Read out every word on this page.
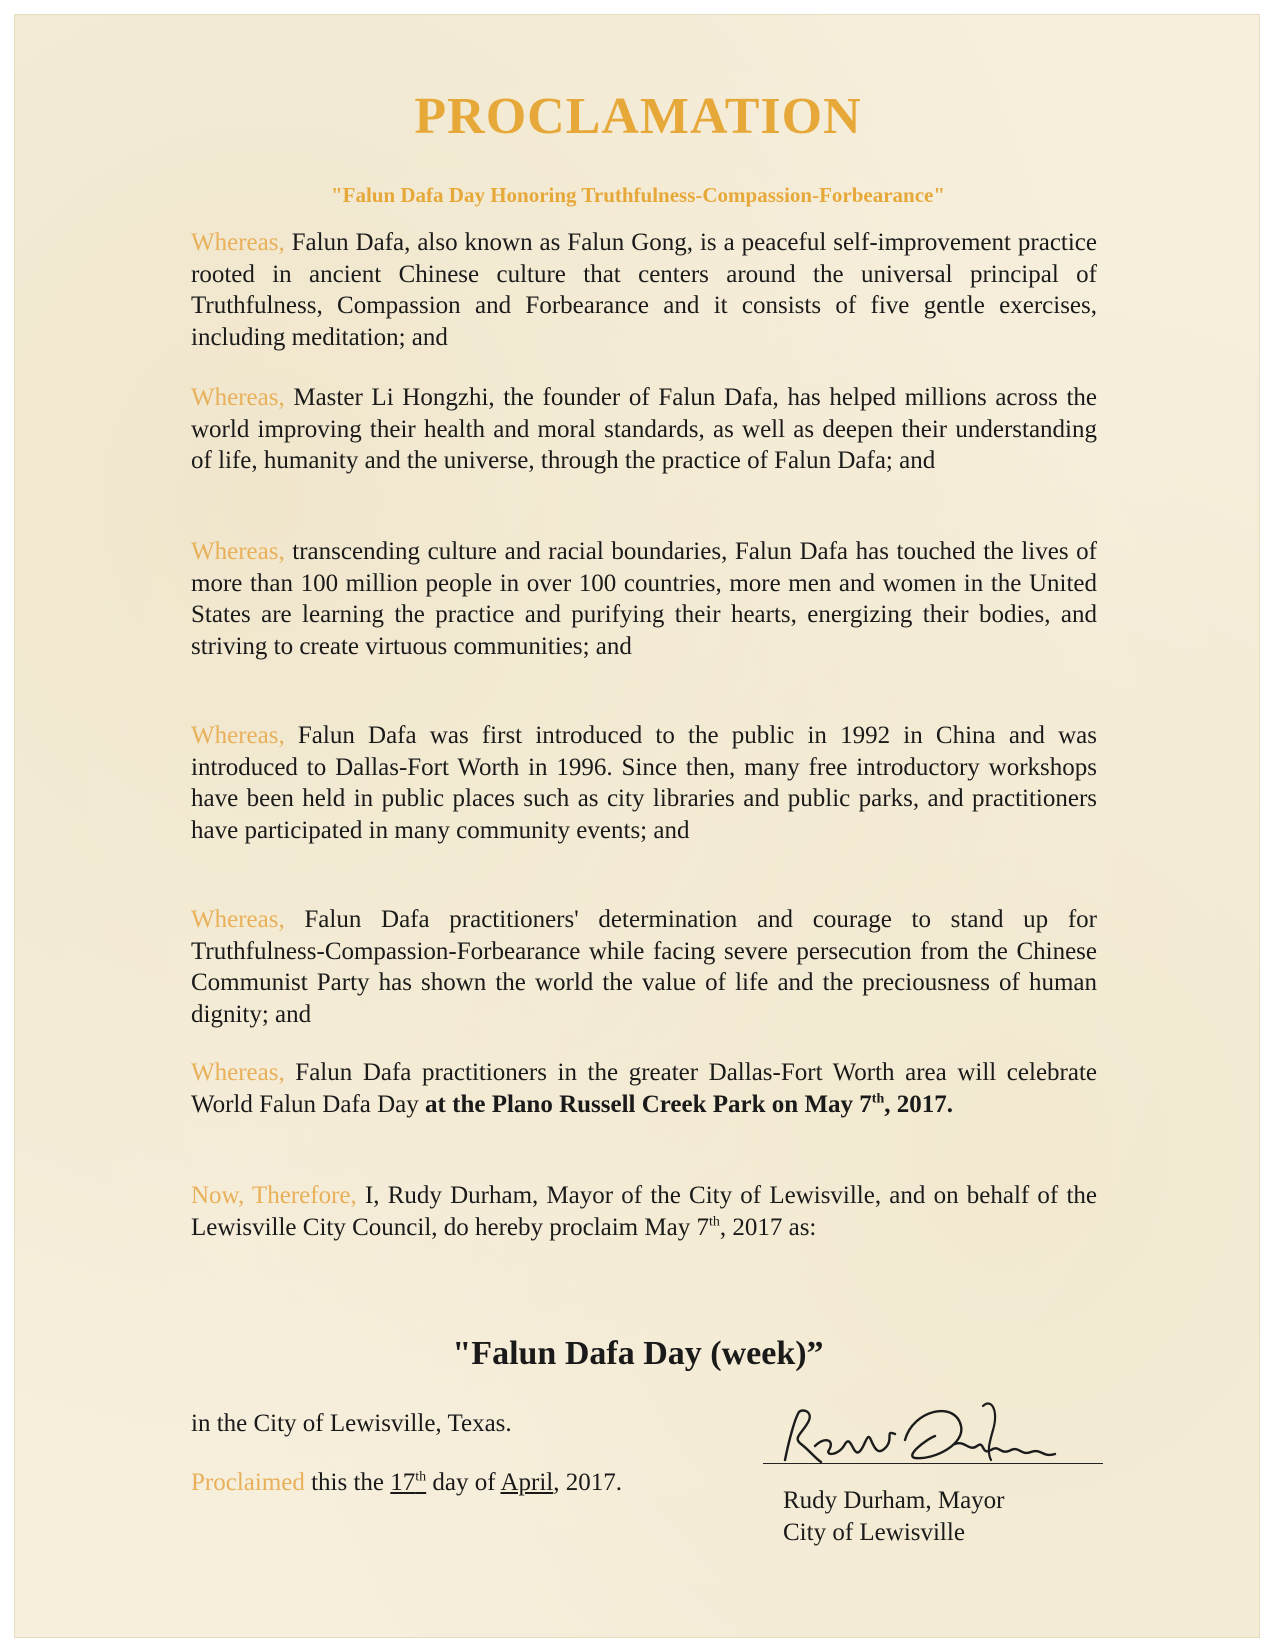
PROCLAMATION

"Falun Dafa Day Honoring Truthfulness-Compassion-Forbearance"

Whereas, Falun Dafa, also known as Falun Gong, is a peaceful self-improvement practice rooted in ancient Chinese culture that centers around the universal principal of Truthfulness, Compassion and Forbearance and it consists of five gentle exercises, including meditation; and

Whereas, Master Li Hongzhi, the founder of Falun Dafa, has helped millions across the world improving their health and moral standards, as well as deepen their understanding of life, humanity and the universe, through the practice of Falun Dafa; and

Whereas, transcending culture and racial boundaries, Falun Dafa has touched the lives of more than 100 million people in over 100 countries, more men and women in the United States are learning the practice and purifying their hearts, energizing their bodies, and striving to create virtuous communities; and

Whereas, Falun Dafa was first introduced to the public in 1992 in China and was introduced to Dallas-Fort Worth in 1996. Since then, many free introductory workshops have been held in public places such as city libraries and public parks, and practitioners have participated in many community events; and

Whereas, Falun Dafa practitioners' determination and courage to stand up for Truthfulness-Compassion-Forbearance while facing severe persecution from the Chinese Communist Party has shown the world the value of life and the preciousness of human dignity; and

Whereas, Falun Dafa practitioners in the greater Dallas-Fort Worth area will celebrate World Falun Dafa Day at the Plano Russell Creek Park on May 7th, 2017.

Now, Therefore, I, Rudy Durham, Mayor of the City of Lewisville, and on behalf of the Lewisville City Council, do hereby proclaim May 7th, 2017 as:

"Falun Dafa Day (week)”

in the City of Lewisville, Texas.

Proclaimed this the 17th day of April, 2017.

Rudy Durham, Mayor
City of Lewisville
